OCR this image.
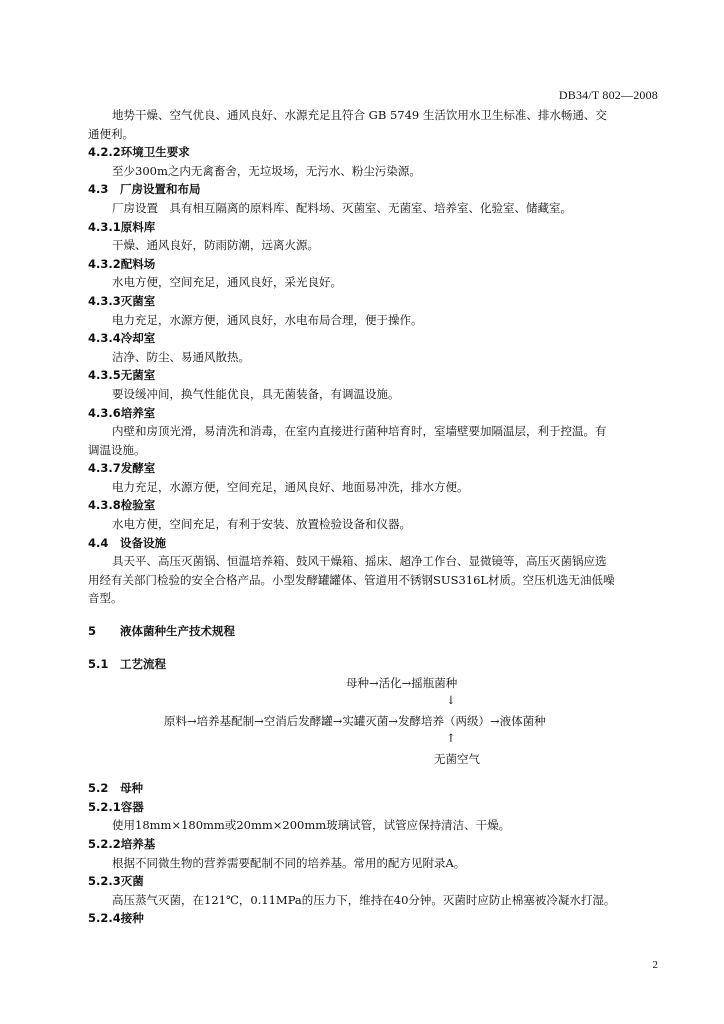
DB34/T 802—2008

地势干燥、空气优良、通风良好、水源充足且符合 GB 5749 生活饮用水卫生标准、排水畅通、交

通便利。

4.2.2环境卫生要求

至少300m之内无禽畜舍，无垃圾场，无污水、粉尘污染源。

4.3 厂房设置和布局

厂房设置　具有相互隔离的原料库、配料场、灭菌室、无菌室、培养室、化验室、储藏室。

4.3.1原料库

干燥、通风良好，防雨防潮，远离火源。

4.3.2配料场

水电方便，空间充足，通风良好，采光良好。

4.3.3灭菌室

电力充足，水源方便，通风良好，水电布局合理，便于操作。

4.3.4冷却室

洁净、防尘、易通风散热。

4.3.5无菌室

要设缓冲间，换气性能优良，具无菌装备，有调温设施。

4.3.6培养室

内壁和房顶光滑，易清洗和消毒，在室内直接进行菌种培育时，室墙壁要加隔温层，利于控温。有

调温设施。

4.3.7发酵室

电力充足，水源方便，空间充足，通风良好、地面易冲洗，排水方便。

4.3.8检验室

水电方便，空间充足，有利于安装、放置检验设备和仪器。

4.4 设备设施

具天平、高压灭菌锅、恒温培养箱、鼓风干燥箱、摇床、超净工作台、显微镜等，高压灭菌锅应选

用经有关部门检验的安全合格产品。小型发酵罐罐体、管道用不锈钢SUS316L材质。空压机选无油低噪

音型。

5 液体菌种生产技术规程

5.1 工艺流程

母种→活化→摇瓶菌种
↓
原料→培养基配制→空消后发酵罐→实罐灭菌→发酵培养（两级）→液体菌种
↑
无菌空气

5.2 母种

5.2.1容器

使用18mm×180mm或20mm×200mm玻璃试管，试管应保持清洁、干燥。

5.2.2培养基

根据不同微生物的营养需要配制不同的培养基。常用的配方见附录A。

5.2.3灭菌

高压蒸气灭菌，在121℃，0.11MPa的压力下，维持在40分钟。灭菌时应防止棉塞被冷凝水打湿。

5.2.4接种

2
